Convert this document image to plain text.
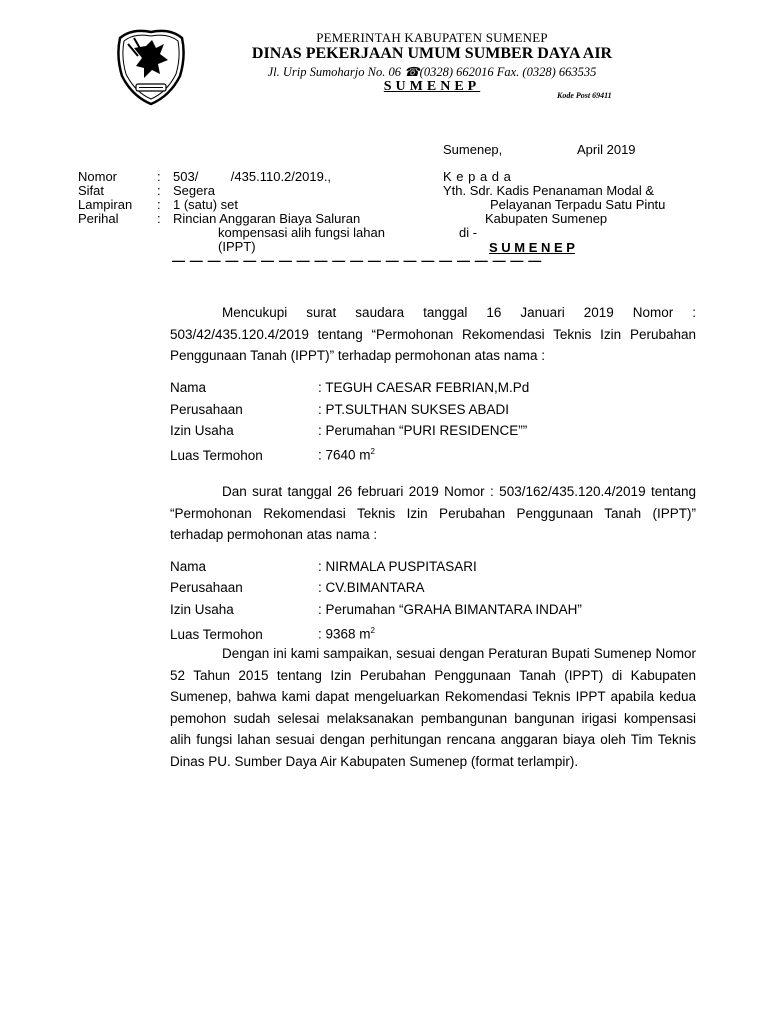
PEMERINTAH KABUPATEN SUMENEP
DINAS PEKERJAAN UMUM SUMBER DAYA AIR
Jl. Urip Sumoharjo No. 06 ☎(0328) 662016 Fax. (0328) 663535
SUMENEP
Kode Post 69411
Sumenep,	April 2019
Nomor	: 503/         /435.110.2/2019.,
Sifat	: Segera
Lampiran : 1 (satu) set
Perihal	: Rincian Anggaran Biaya Saluran
kompensasi alih fungsi lahan
(IPPT)
— — — — — — — — — — — — — — — — — — — — —
K e p a d a
Yth. Sdr. Kadis Penanaman Modal &
Pelayanan Terpadu Satu Pintu
Kabupaten Sumenep
di -
S U M E N E P
Mencukupi surat saudara tanggal 16 Januari 2019 Nomor : 503/42/435.120.4/2019 tentang “Permohonan Rekomendasi Teknis Izin Perubahan Penggunaan Tanah (IPPT)” terhadap permohonan atas nama :
Nama	: TEGUH CAESAR FEBRIAN,M.Pd
Perusahaan	: PT.SULTHAN SUKSES ABADI
Izin Usaha	: Perumahan “PURI RESIDENCE””
Luas Termohon	: 7640 $m^2$
Dan surat tanggal 26 februari 2019 Nomor : 503/162/435.120.4/2019 tentang “Permohonan Rekomendasi Teknis Izin Perubahan Penggunaan Tanah (IPPT)” terhadap permohonan atas nama :
Nama	: NIRMALA PUSPITASARI
Perusahaan	: CV.BIMANTARA
Izin Usaha	: Perumahan “GRAHA BIMANTARA INDAH”
Luas Termohon	: 9368 $m^2$
Dengan ini kami sampaikan, sesuai dengan Peraturan Bupati Sumenep Nomor 52 Tahun 2015 tentang Izin Perubahan Penggunaan Tanah (IPPT) di Kabupaten Sumenep, bahwa kami dapat mengeluarkan Rekomendasi Teknis IPPT apabila kedua pemohon sudah selesai melaksanakan pembangunan bangunan irigasi kompensasi alih fungsi lahan sesuai dengan perhitungan rencana anggaran biaya oleh Tim Teknis Dinas PU. Sumber Daya Air Kabupaten Sumenep (format terlampir).
